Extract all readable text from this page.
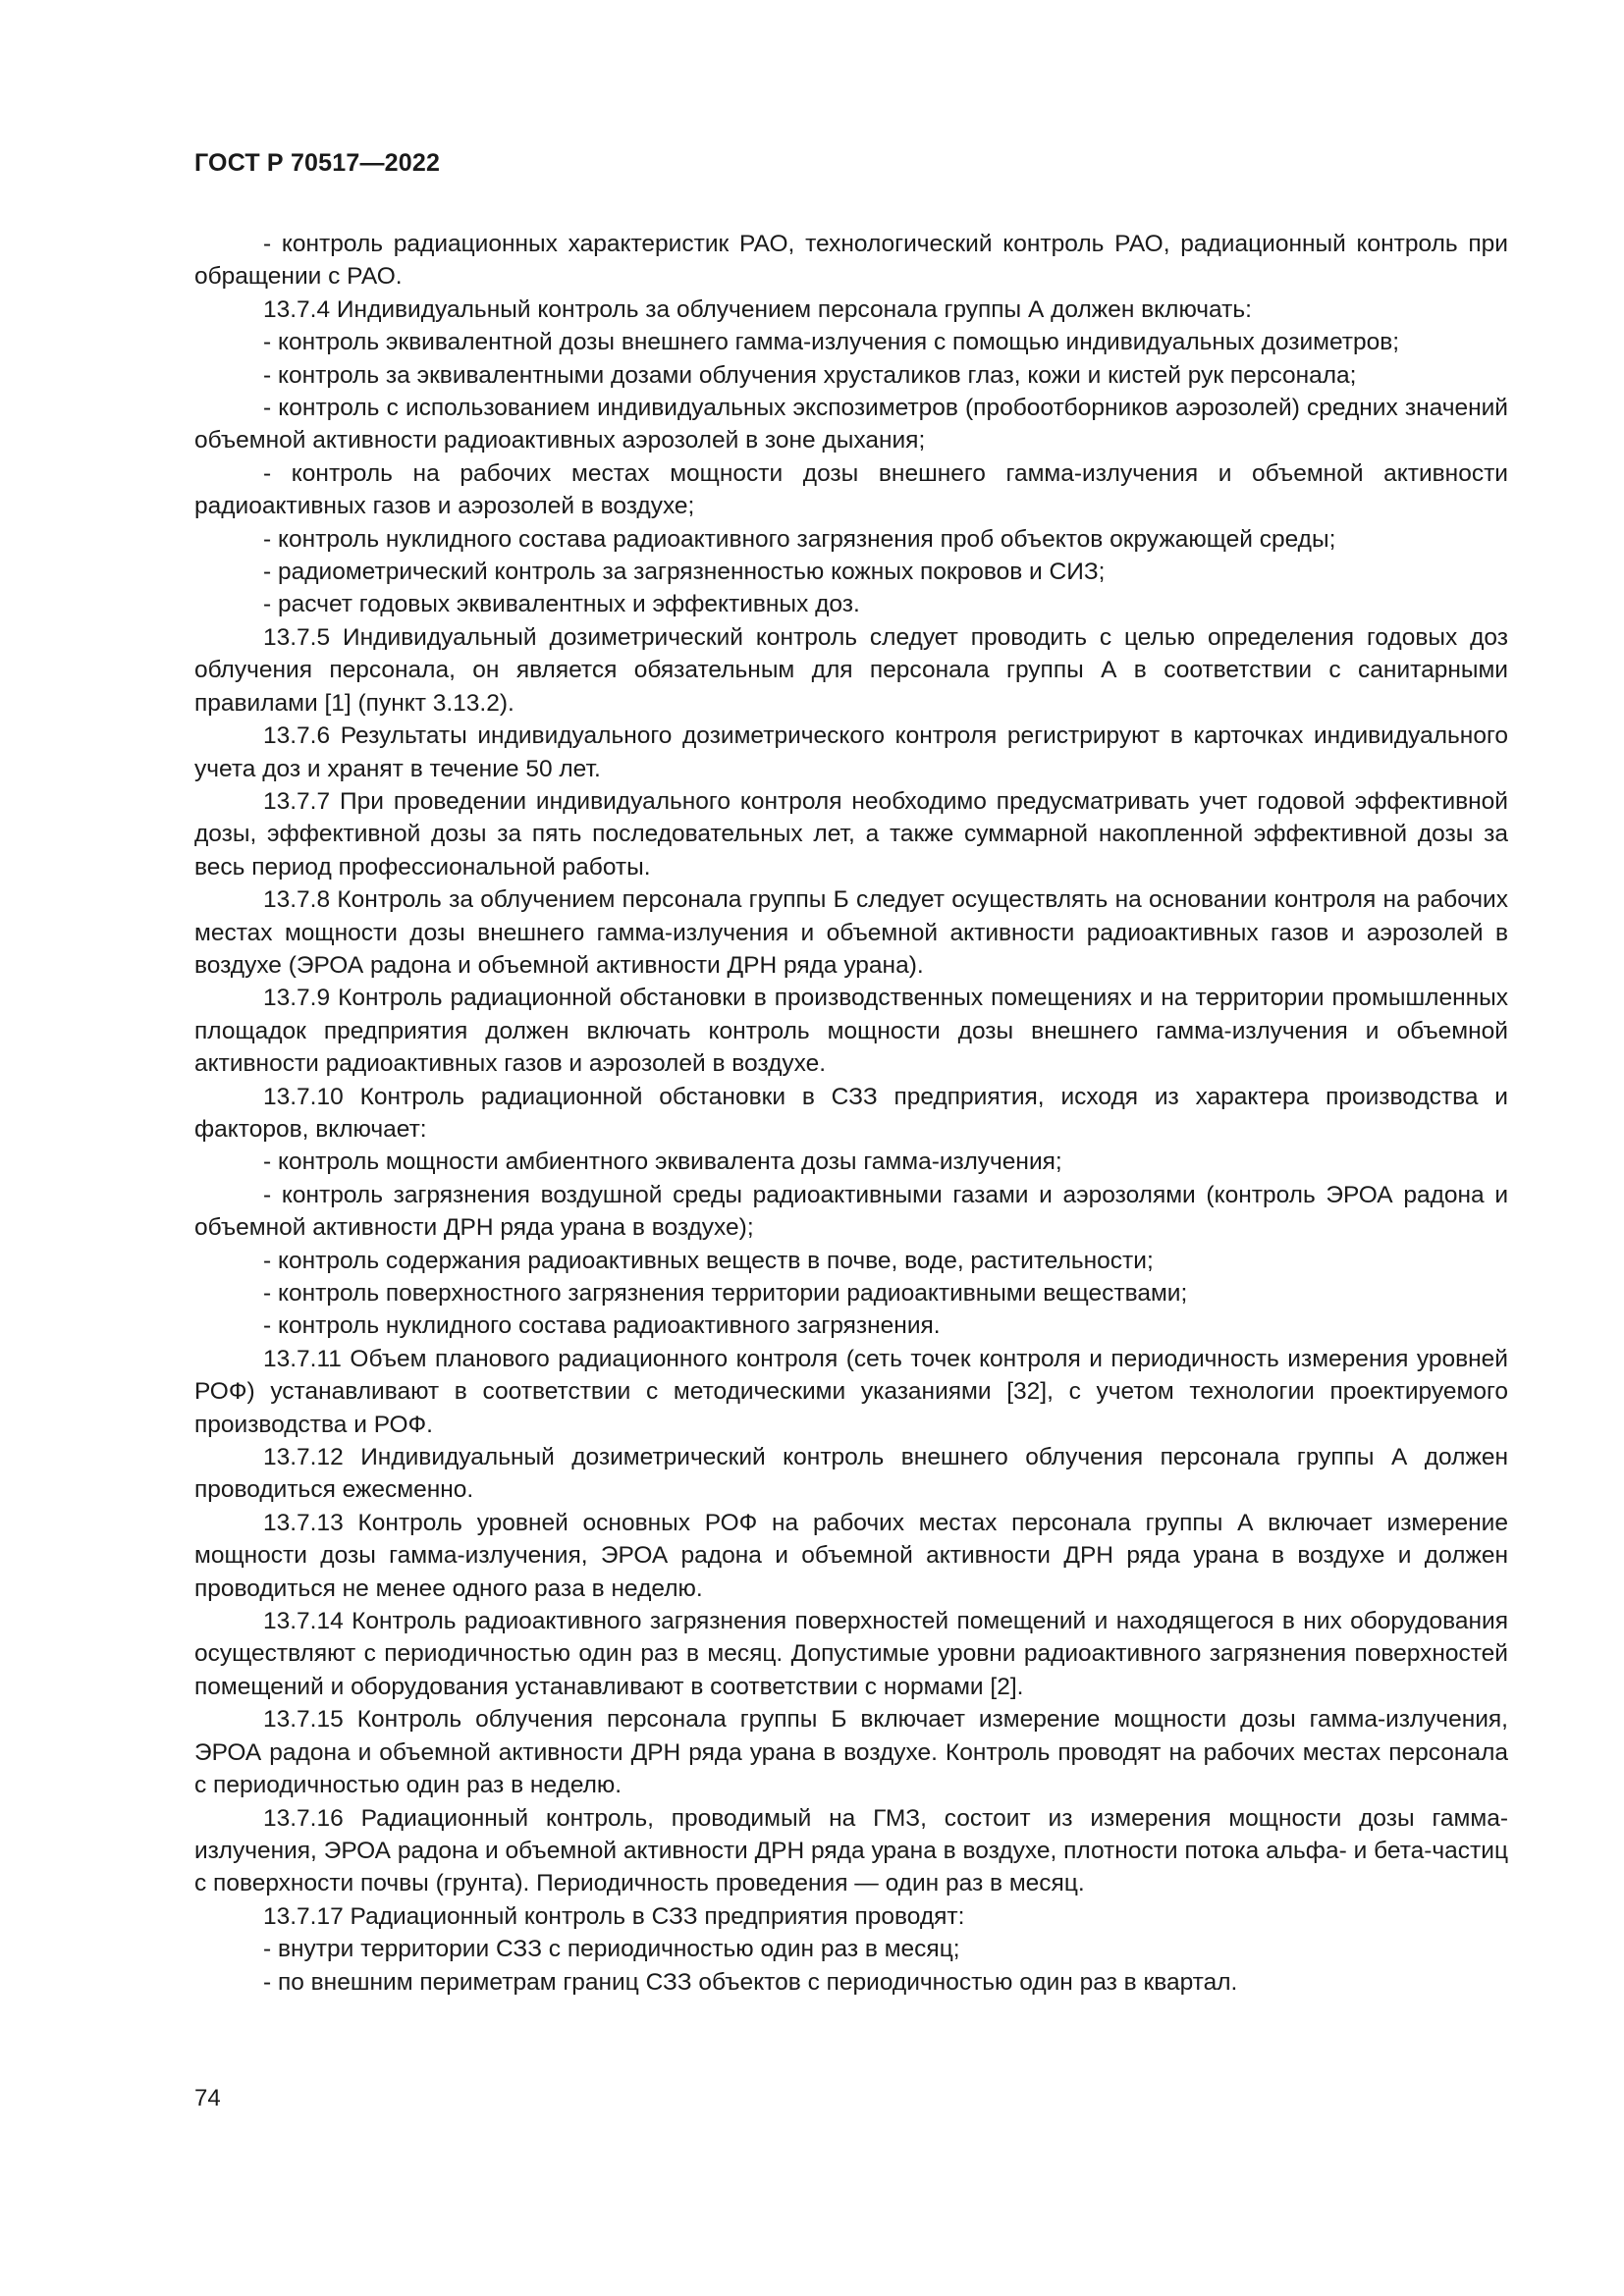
ГОСТ Р 70517—2022

- контроль радиационных характеристик РАО, технологический контроль РАО, радиационный контроль при обращении с РАО.

13.7.4 Индивидуальный контроль за облучением персонала группы А должен включать:

- контроль эквивалентной дозы внешнего гамма-излучения с помощью индивидуальных дозиметров;

- контроль за эквивалентными дозами облучения хрусталиков глаз, кожи и кистей рук персонала;

- контроль с использованием индивидуальных экспозиметров (пробоотборников аэрозолей) средних значений объемной активности радиоактивных аэрозолей в зоне дыхания;

- контроль на рабочих местах мощности дозы внешнего гамма-излучения и объемной активности радиоактивных газов и аэрозолей в воздухе;

- контроль нуклидного состава радиоактивного загрязнения проб объектов окружающей среды;

- радиометрический контроль за загрязненностью кожных покровов и СИЗ;

- расчет годовых эквивалентных и эффективных доз.

13.7.5 Индивидуальный дозиметрический контроль следует проводить с целью определения годовых доз облучения персонала, он является обязательным для персонала группы А в соответствии с санитарными правилами [1] (пункт 3.13.2).

13.7.6 Результаты индивидуального дозиметрического контроля регистрируют в карточках индивидуального учета доз и хранят в течение 50 лет.

13.7.7 При проведении индивидуального контроля необходимо предусматривать учет годовой эффективной дозы, эффективной дозы за пять последовательных лет, а также суммарной накопленной эффективной дозы за весь период профессиональной работы.

13.7.8 Контроль за облучением персонала группы Б следует осуществлять на основании контроля на рабочих местах мощности дозы внешнего гамма-излучения и объемной активности радиоактивных газов и аэрозолей в воздухе (ЭРОА радона и объемной активности ДРН ряда урана).

13.7.9 Контроль радиационной обстановки в производственных помещениях и на территории промышленных площадок предприятия должен включать контроль мощности дозы внешнего гамма-излучения и объемной активности радиоактивных газов и аэрозолей в воздухе.

13.7.10 Контроль радиационной обстановки в СЗЗ предприятия, исходя из характера производства и факторов, включает:

- контроль мощности амбиентного эквивалента дозы гамма-излучения;

- контроль загрязнения воздушной среды радиоактивными газами и аэрозолями (контроль ЭРОА радона и объемной активности ДРН ряда урана в воздухе);

- контроль содержания радиоактивных веществ в почве, воде, растительности;

- контроль поверхностного загрязнения территории радиоактивными веществами;

- контроль нуклидного состава радиоактивного загрязнения.

13.7.11 Объем планового радиационного контроля (сеть точек контроля и периодичность измерения уровней РОФ) устанавливают в соответствии с методическими указаниями [32], с учетом технологии проектируемого производства и РОФ.

13.7.12 Индивидуальный дозиметрический контроль внешнего облучения персонала группы А должен проводиться ежесменно.

13.7.13 Контроль уровней основных РОФ на рабочих местах персонала группы А включает измерение мощности дозы гамма-излучения, ЭРОА радона и объемной активности ДРН ряда урана в воздухе и должен проводиться не менее одного раза в неделю.

13.7.14 Контроль радиоактивного загрязнения поверхностей помещений и находящегося в них оборудования осуществляют с периодичностью один раз в месяц. Допустимые уровни радиоактивного загрязнения поверхностей помещений и оборудования устанавливают в соответствии с нормами [2].

13.7.15 Контроль облучения персонала группы Б включает измерение мощности дозы гамма-излучения, ЭРОА радона и объемной активности ДРН ряда урана в воздухе. Контроль проводят на рабочих местах персонала с периодичностью один раз в неделю.

13.7.16 Радиационный контроль, проводимый на ГМЗ, состоит из измерения мощности дозы гамма-излучения, ЭРОА радона и объемной активности ДРН ряда урана в воздухе, плотности потока альфа- и бета-частиц с поверхности почвы (грунта). Периодичность проведения — один раз в месяц.

13.7.17 Радиационный контроль в СЗЗ предприятия проводят:

- внутри территории СЗЗ с периодичностью один раз в месяц;

- по внешним периметрам границ СЗЗ объектов с периодичностью один раз в квартал.

74
